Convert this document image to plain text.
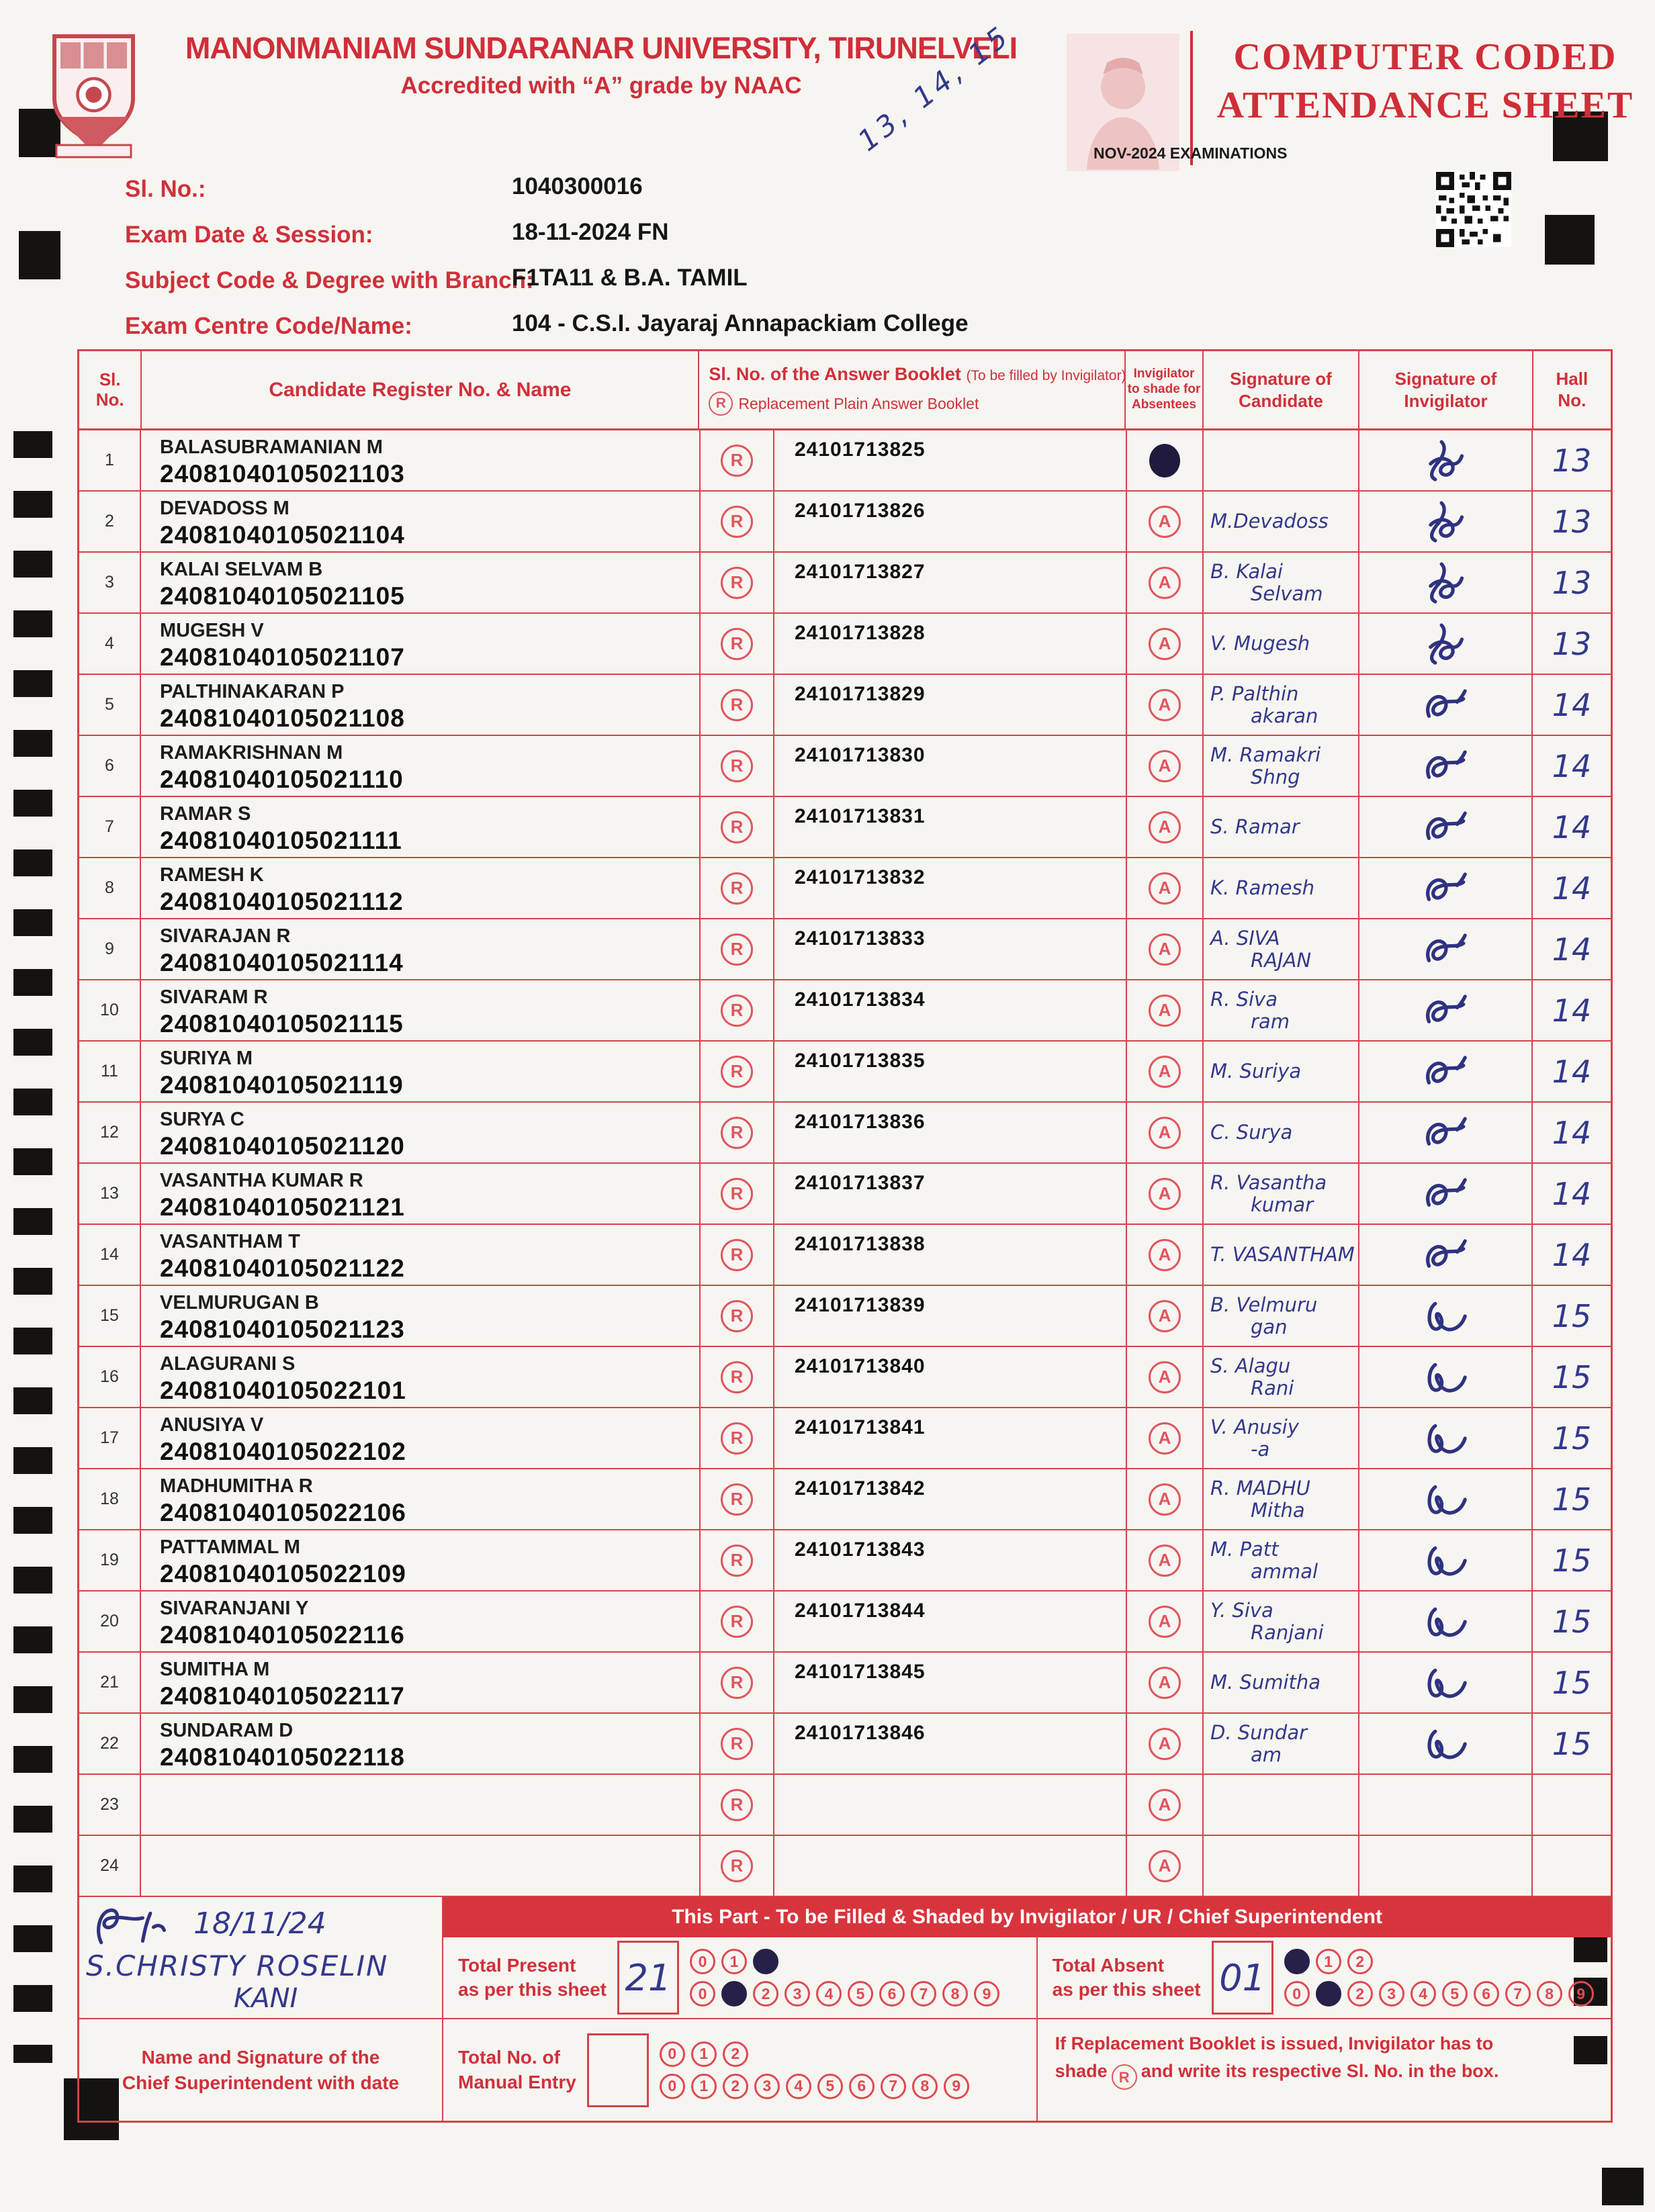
MANONMANIAM SUNDARANAR UNIVERSITY, TIRUNELVELI
Accredited with “A” grade by NAAC
COMPUTER CODED
ATTENDANCE SHEET
NOV-2024 EXAMINATIONS
13, 14, 15
Sl. No.:	1040300016
Exam Date & Session:	18-11-2024 FN
Subject Code & Degree with Branch:
F1TA11 & B.A. TAMIL
Exam Centre Code/Name:	104 - C.S.I. Jayaraj Annapackiam College
Sl.
No.	Candidate Register No. & Name
Sl. No. of the Answer Booklet (To be filled by Invigilator)
R Replacement Plain Answer Booklet
Invigilator
to shade for
Absentees
Signature of
Candidate
Signature of
Invigilator
Hall
No.
1
BALASUBRAMANIAN M
24081040105021103	R	24101713825	13
2
DEVADOSS M
24081040105021104	R	24101713826	A	M.Devadoss	13
3
KALAI SELVAM B
24081040105021105	R	24101713827	A	B. Kalai
Selvam	13
4
MUGESH V
24081040105021107	R	24101713828	A	V. Mugesh	13
5
PALTHINAKARAN P
24081040105021108	R	24101713829	A	P. Palthin
akaran	14
6
RAMAKRISHNAN M
24081040105021110	R	24101713830	A	M. Ramakri
Shng	14
7
RAMAR S
24081040105021111	R	24101713831	A	S. Ramar	14
8
RAMESH K
24081040105021112	R	24101713832	A	K. Ramesh	14
9
SIVARAJAN R
24081040105021114	R	24101713833	A	A. SIVA
RAJAN	14
10
SIVARAM R
24081040105021115	R	24101713834	A	R. Siva
ram	14
11
SURIYA M
24081040105021119	R	24101713835	A	M. Suriya	14
12
SURYA C
24081040105021120	R	24101713836	A	C. Surya	14
13
VASANTHA KUMAR R
24081040105021121	R	24101713837	A	R. Vasantha
kumar	14
14
VASANTHAM T
24081040105021122	R	24101713838	A	T. VASANTHAM	14
15
VELMURUGAN B
24081040105021123	R	24101713839	A	B. Velmuru
gan	15
16
ALAGURANI S
24081040105022101	R	24101713840	A	S. Alagu
Rani	15
17
ANUSIYA V
24081040105022102	R	24101713841	A	V. Anusiy
-a	15
18
MADHUMITHA R
24081040105022106	R	24101713842	A	R. MADHU
Mitha	15
19
PATTAMMAL M
24081040105022109	R	24101713843	A	M. Patt
ammal	15
20
SIVARANJANI Y
24081040105022116	R	24101713844	A	Y. Siva
Ranjani	15
21
SUMITHA M
24081040105022117	R	24101713845	A	M. Sumitha	15
22
SUNDARAM D
24081040105022118	R	24101713846	A	D. Sundar
am	15
23	R	A
24	R	A
18/11/24
S.CHRISTY ROSELIN
KANI
Name and Signature of the
Chief Superintendent with date
This Part - To be Filled & Shaded by Invigilator / UR / Chief Superintendent
Total Present
as per this sheet 21	0	1
0	2	3	4	5	6	7	8	9
Total Absent
as per this sheet 01	1	2
0	2	3	4	5	6	7	8	9
Total No. of
Manual Entry
0	1	2
0	1	2	3	4	5	6	7	8	9
If Replacement Booklet is issued, Invigilator has to
shade R and write its respective Sl. No. in the box.
